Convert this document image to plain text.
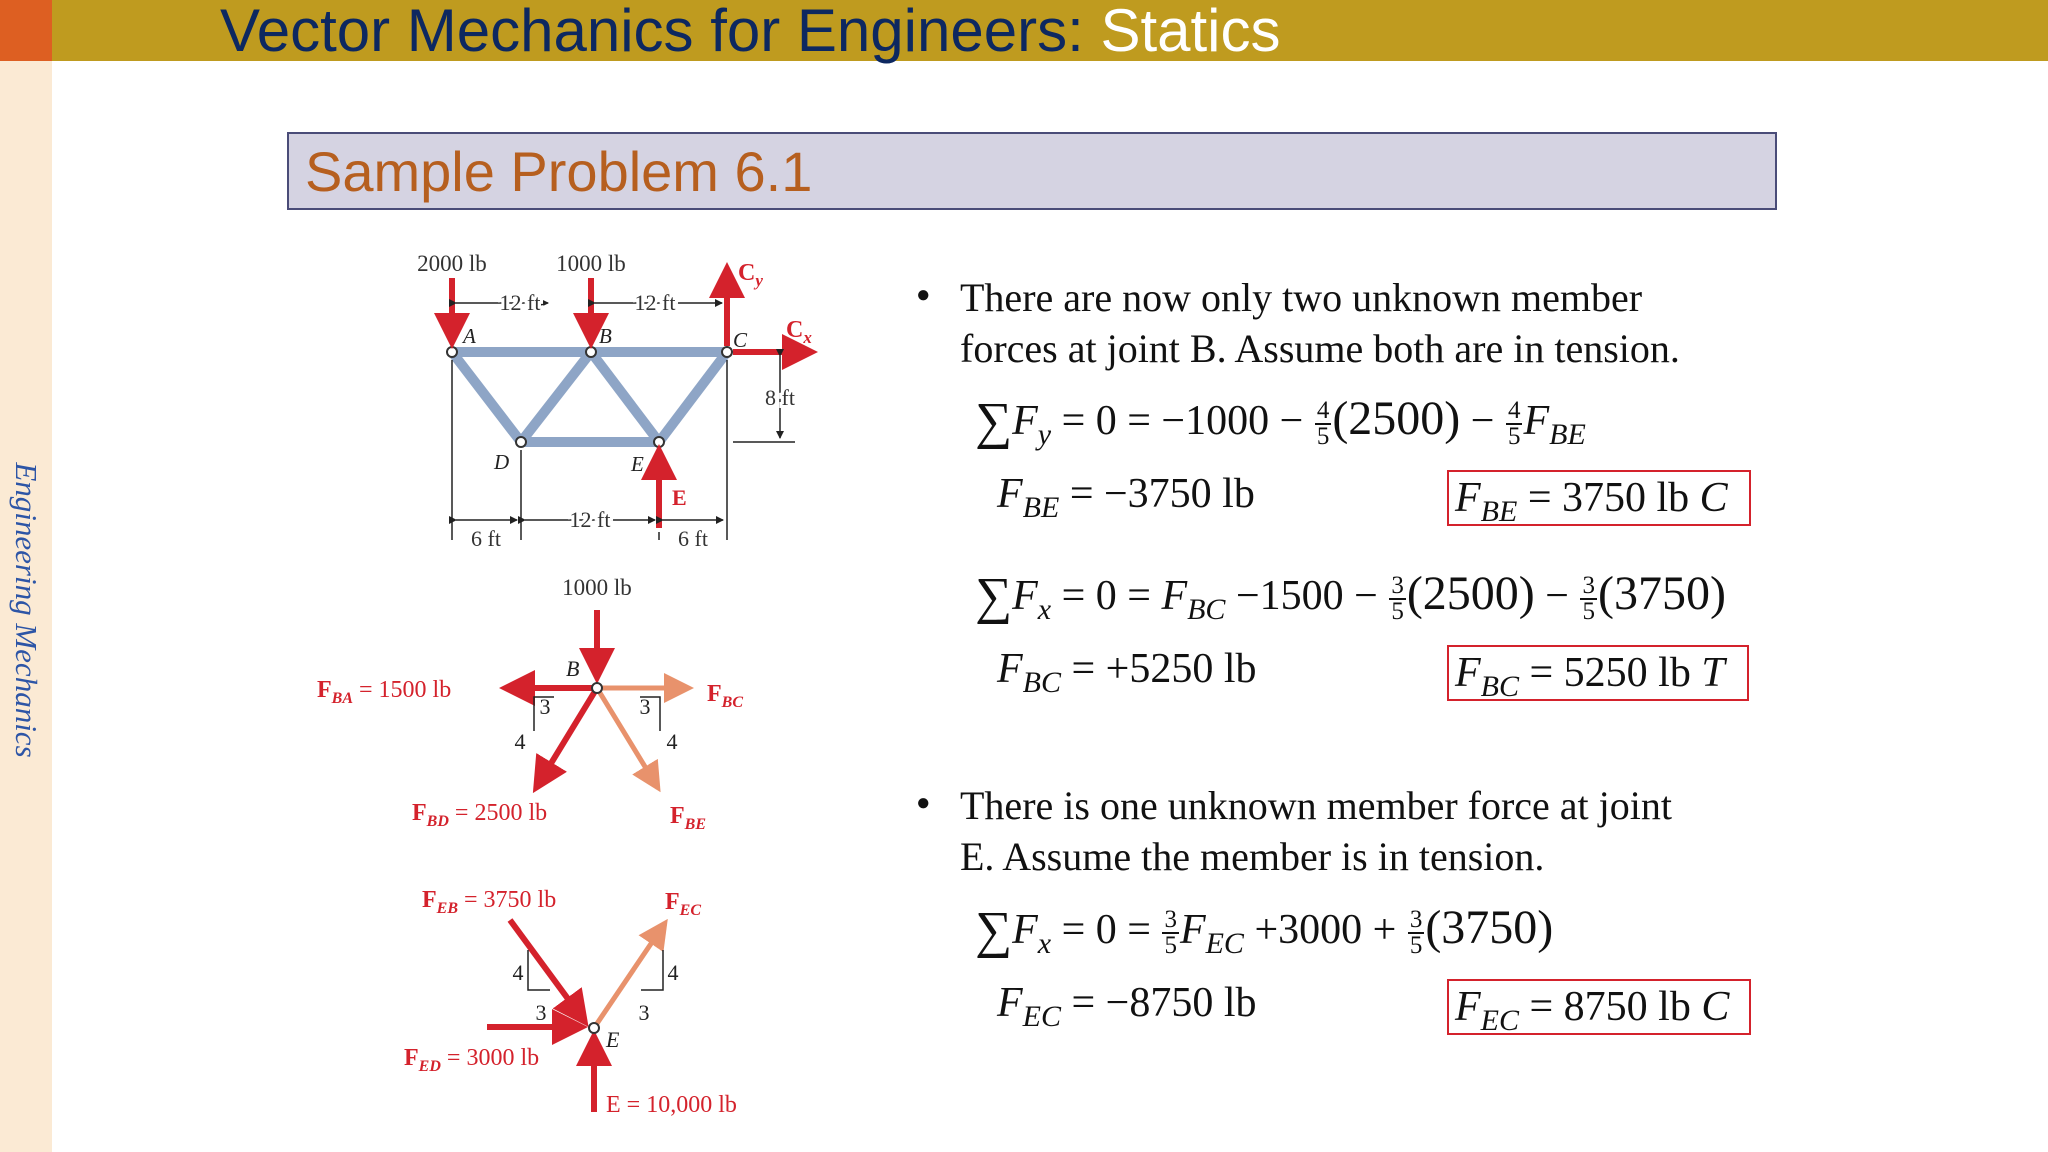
Vector Mechanics for Engineers: Statics
Engineering Mechanics
Sample Problem 6.1
2000 lb	1000 lb
12 ft	12 ft
$C_y$
$C_x$
A	B	C
D	E
8 ft
E
6 ft
12 ft
6 ft
1000 lb
B
$F_{BA} = 1500$ lb	$F_{BC}$
$F_{BD} = 2500$ lb	$F_{BE}$
3
4
3
4
$F_{EB} = 3750$ lb	$F_{EC}$
$F_{ED} = 3000$ lb
E = 10,000 lb
E
4
3
4
3
● There are now only two unknown member
forces at joint B. Assume both are in tension.
$\sum F_y = 0 = -1000 - \frac{4}{5} (2500) - \frac{4}{5} F_{BE}$
$F_{BE} = -3750$ lb	$F_{BE} = 3750$ lb C
$\sum F_x = 0 = F_{BC} -1500 - \frac{3}{5} (2500) - \frac{3}{5} (3750)$
$F_{BC} = +5250$ lb	$F_{BC} = 5250$ lb T
● There is one unknown member force at joint
E. Assume the member is in tension.
$\sum F_x = 0 = \frac{3}{5} F_{EC} +3000 + \frac{3}{5} (3750)$
$F_{EC} = -8750$ lb	$F_{EC} = 8750$ lb C
